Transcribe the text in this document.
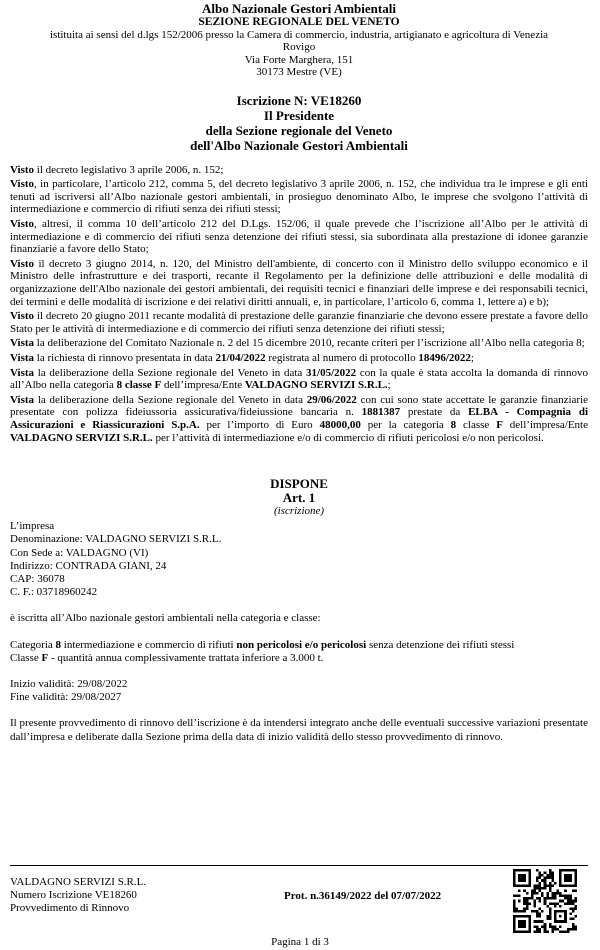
Albo Nazionale Gestori Ambientali
SEZIONE REGIONALE DEL VENETO
istituita ai sensi del d.lgs 152/2006 presso la Camera di commercio, industria, artigianato e agricoltura di Venezia
Rovigo
Via Forte Marghera, 151
30173 Mestre (VE)
Iscrizione N: VE18260
Il Presidente
della Sezione regionale del Veneto
dell'Albo Nazionale Gestori Ambientali

Visto il decreto legislativo 3 aprile 2006, n. 152;

Visto, in particolare, l’articolo 212, comma 5, del decreto legislativo 3 aprile 2006, n. 152, che individua tra le imprese e gli enti tenuti ad iscriversi all’Albo nazionale gestori ambientali, in prosieguo denominato Albo, le imprese che svolgono l’attività di intermediazione e commercio di rifiuti senza dei rifiuti stessi;

Visto, altresì, il comma 10 dell’articolo 212 del D.Lgs. 152/06, il quale prevede che l’iscrizione all’Albo per le attività di intermediazione e di commercio dei rifiuti senza detenzione dei rifiuti stessi, sia subordinata alla prestazione di idonee garanzie finanziarie a favore dello Stato;

Visto il decreto 3 giugno 2014, n. 120, del Ministro dell'ambiente, di concerto con il Ministro dello sviluppo economico e il Ministro delle infrastrutture e dei trasporti, recante il Regolamento per la definizione delle attribuzioni e delle modalità di organizzazione dell'Albo nazionale dei gestori ambientali, dei requisiti tecnici e finanziari delle imprese e dei responsabili tecnici, dei termini e delle modalità di iscrizione e dei relativi diritti annuali, e, in particolare, l’articolo 6, comma 1, lettere a) e b);

Visto il decreto 20 giugno 2011 recante modalità di prestazione delle garanzie finanziarie che devono essere prestate a favore dello Stato per le attività di intermediazione e di commercio dei rifiuti senza detenzione dei rifiuti stessi;

Vista la deliberazione del Comitato Nazionale n. 2 del 15 dicembre 2010, recante criteri per l’iscrizione all’Albo nella categoria 8;

Vista la richiesta di rinnovo presentata in data 21/04/2022 registrata al numero di protocollo 18496/2022;

Vista la deliberazione della Sezione regionale del Veneto in data 31/05/2022 con la quale è stata accolta la domanda di rinnovo all’Albo nella categoria 8 classe F dell’impresa/Ente VALDAGNO SERVIZI S.R.L.;

Vista la deliberazione della Sezione regionale del Veneto in data 29/06/2022 con cui sono state accettate le garanzie finanziarie presentate con polizza fideiussoria assicurativa/fideiussione bancaria n. 1881387 prestate da ELBA - Compagnia di Assicurazioni e Riassicurazioni S.p.A. per l’importo di Euro 48000,00 per la categoria 8 classe F dell’impresa/Ente VALDAGNO SERVIZI S.R.L. per l’attività di intermediazione e/o di commercio di rifiuti pericolosi e/o non pericolosi.

DISPONE
Art. 1
(iscrizione)
L’impresa
Denominazione: VALDAGNO SERVIZI S.R.L.
Con Sede a: VALDAGNO (VI)
Indirizzo: CONTRADA GIANI, 24
CAP: 36078
C. F.: 03718960242
è iscritta all’Albo nazionale gestori ambientali nella categoria e classe:
Categoria 8 intermediazione e commercio di rifiuti non pericolosi e/o pericolosi senza detenzione dei rifiuti stessi
Classe F - quantità annua complessivamente trattata inferiore a 3.000 t.
Inizio validità: 29/08/2022
Fine validità: 29/08/2027
Il presente provvedimento di rinnovo dell’iscrizione è da intendersi integrato anche delle eventuali successive variazioni presentate dall’impresa e deliberate dalla Sezione prima della data di inizio validità dello stesso provvedimento di rinnovo.
VALDAGNO SERVIZI S.R.L.
Numero Iscrizione VE18260
Provvedimento di Rinnovo
Prot. n.36149/2022 del 07/07/2022
Pagina 1 di 3
